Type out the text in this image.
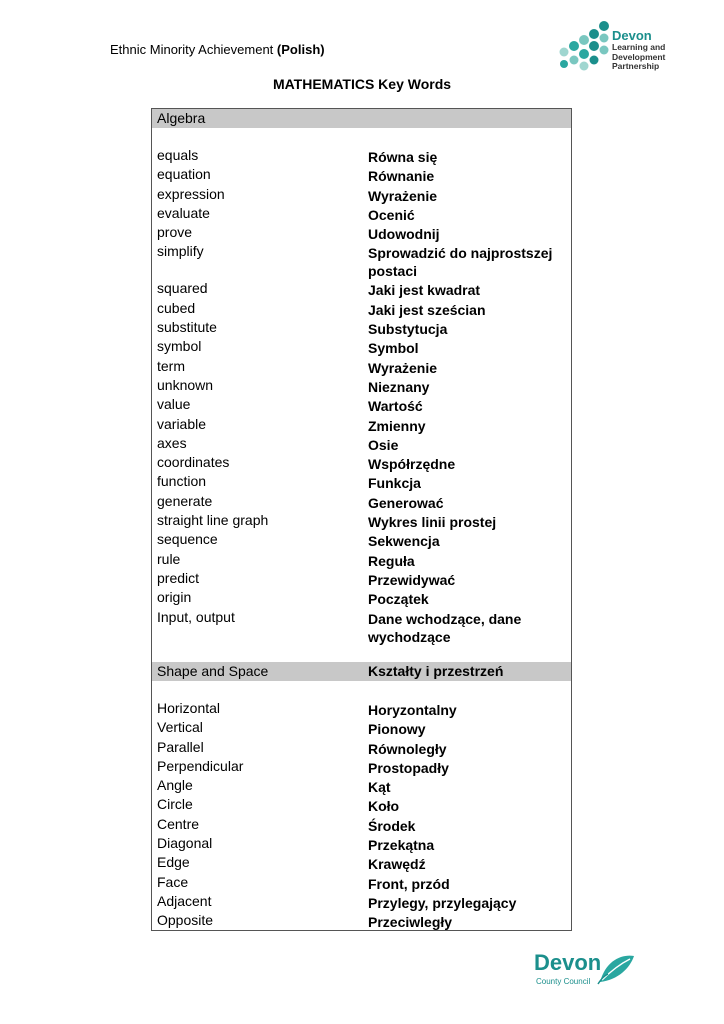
Ethnic Minority Achievement (Polish)
Devon
Learning and
Development
Partnership
MATHEMATICS Key Words
Algebra
equals	Równa się
equation	Równanie
expression	Wyrażenie
evaluate	Ocenić
prove	Udowodnij
simplify	Sprowadzić do najprostszej postaci
squared	Jaki jest kwadrat
cubed	Jaki jest sześcian
substitute	Substytucja
symbol	Symbol
term	Wyrażenie
unknown	Nieznany
value	Wartość
variable	Zmienny
axes	Osie
coordinates	Współrzędne
function	Funkcja
generate	Generować
straight line graph	Wykres linii prostej
sequence	Sekwencja
rule	Reguła
predict	Przewidywać
origin	Początek
Input, output	Dane wchodzące, dane wychodzące
Shape and Space	Kształty i przestrzeń
Horizontal	Horyzontalny
Vertical	Pionowy
Parallel	Równoległy
Perpendicular	Prostopadły
Angle	Kąt
Circle	Koło
Centre	Środek
Diagonal	Przekątna
Edge	Krawędź
Face	Front, przód
Adjacent	Przylegy, przylegający
Opposite	Przeciwległy
Devon
County Council
